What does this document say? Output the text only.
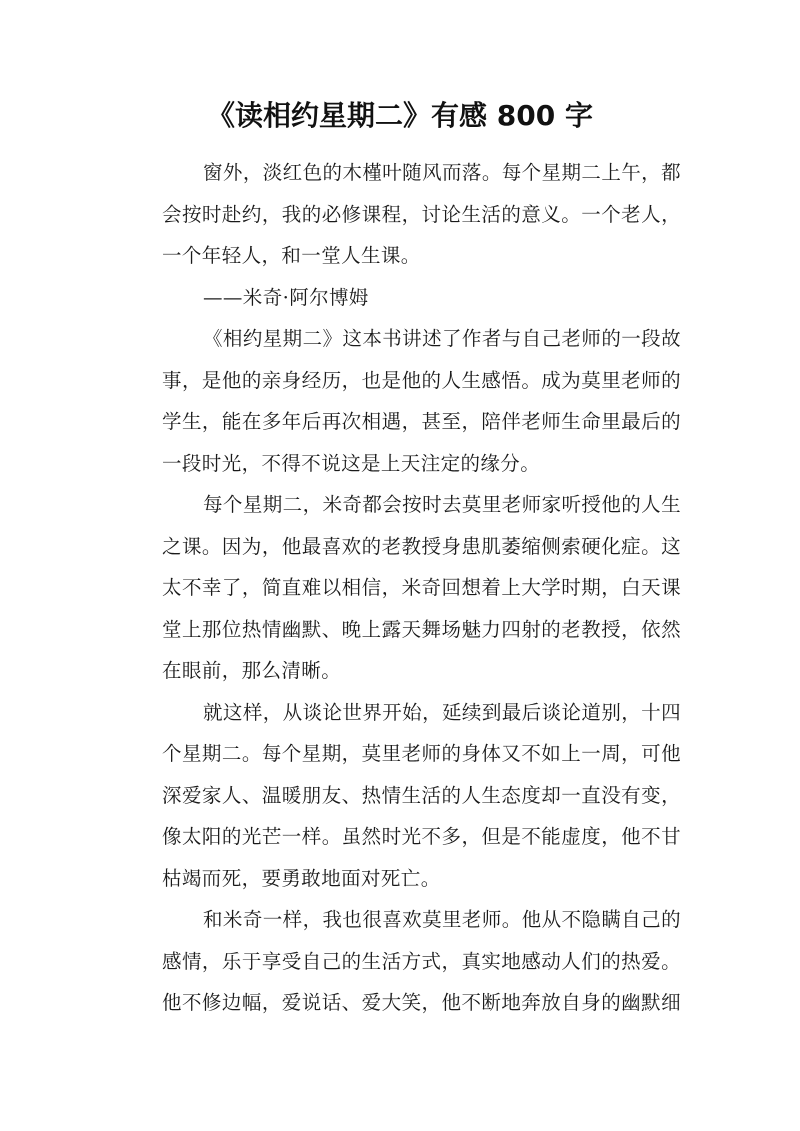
《读相约星期二》有感 800 字
窗外，淡红色的木槿叶随风而落。每个星期二上午，都
会按时赴约，我的必修课程，讨论生活的意义。一个老人，
一个年轻人，和一堂人生课。
——米奇·阿尔博姆
《相约星期二》这本书讲述了作者与自己老师的一段故
事，是他的亲身经历，也是他的人生感悟。成为莫里老师的
学生，能在多年后再次相遇，甚至，陪伴老师生命里最后的
一段时光，不得不说这是上天注定的缘分。
每个星期二，米奇都会按时去莫里老师家听授他的人生
之课。因为，他最喜欢的老教授身患肌萎缩侧索硬化症。这
太不幸了，简直难以相信，米奇回想着上大学时期，白天课
堂上那位热情幽默、晚上露天舞场魅力四射的老教授，依然
在眼前，那么清晰。
就这样，从谈论世界开始，延续到最后谈论道别，十四
个星期二。每个星期，莫里老师的身体又不如上一周，可他
深爱家人、温暖朋友、热情生活的人生态度却一直没有变，
像太阳的光芒一样。虽然时光不多，但是不能虚度，他不甘
枯竭而死，要勇敢地面对死亡。
和米奇一样，我也很喜欢莫里老师。他从不隐瞒自己的
感情，乐于享受自己的生活方式，真实地感动人们的热爱。
他不修边幅，爱说话、爱大笑，他不断地奔放自身的幽默细
